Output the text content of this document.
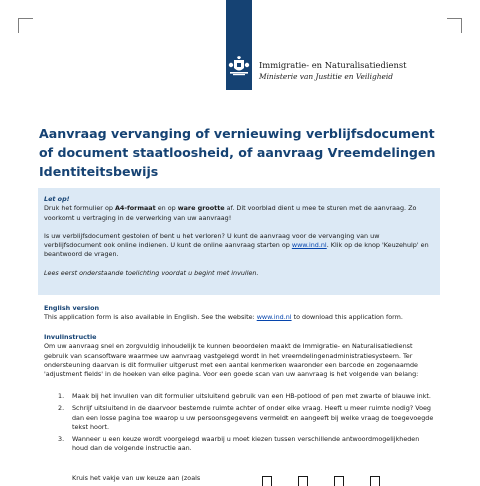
Immigratie- en Naturalisatiedienst
Ministerie van Justitie en Veiligheid
Aanvraag vervanging of vernieuwing verblijfsdocument of document staatloosheid, of aanvraag Vreemdelingen Identiteitsbewijs

Let op!

Druk het formulier op A4-formaat en op ware grootte af. Dit voorblad dient u mee te sturen met de aanvraag. Zo voorkomt u vertraging in de verwerking van uw aanvraag!

Is uw verblijfsdocument gestolen of bent u het verloren? U kunt de aanvraag voor de vervanging van uw verblijfsdocument ook online indienen. U kunt de online aanvraag starten op www.ind.nl. Klik op de knop 'Keuzehulp' en beantwoord de vragen.

Lees eerst onderstaande toelichting voordat u begint met invullen.

English version

This application form is also available in English. See the website: www.ind.nl to download this application form.

Invulinstructie

Om uw aanvraag snel en zorgvuldig inhoudelijk te kunnen beoordelen maakt de Immigratie- en Naturalisatiedienst gebruik van scansoftware waarmee uw aanvraag vastgelegd wordt in het vreemdelingenadministratiesysteem. Ter ondersteuning daarvan is dit formulier uitgerust met een aantal kenmerken waaronder een barcode en zogenaamde 'adjustment fields' in de hoeken van elke pagina. Voor een goede scan van uw aanvraag is het volgende van belang:

1. Maak bij het invullen van dit formulier uitsluitend gebruik van een HB-potlood of pen met zwarte of blauwe inkt.
2. Schrijf uitsluitend in de daarvoor bestemde ruimte achter of onder elke vraag. Heeft u meer ruimte nodig? Voeg dan een losse pagina toe waarop u uw persoonsgegevens vermeldt en aangeeft bij welke vraag de toegevoegde tekst hoort.
3. Wanneer u een keuze wordt voorgelegd waarbij u moet kiezen tussen verschillende antwoordmogelijkheden houd dan de volgende instructie aan.
Kruis het vakje van uw keuze aan (zoals
